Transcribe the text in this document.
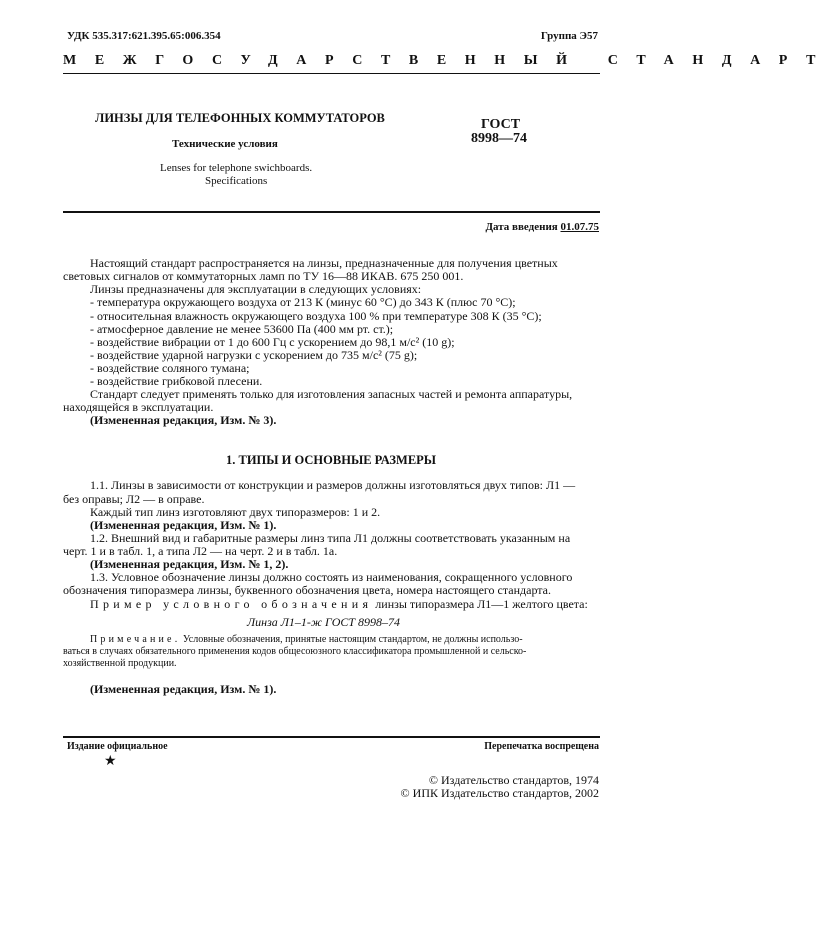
УДК 535.317:621.395.65:006.354	Группа Э57
МЕЖГОСУДАРСТВЕННЫЙ СТАНДАРТ
ЛИНЗЫ ДЛЯ ТЕЛЕФОННЫХ КОММУТАТОРОВ
Технические условия
Lenses for telephone swichboards.
Specifications
ГОСТ
8998—74
Дата введения 01.07.75
Настоящий стандарт распространяется на линзы, предназначенные для получения цветных
световых сигналов от коммутаторных ламп по ТУ 16—88 ИКАВ. 675 250 001.
Линзы предназначены для эксплуатации в следующих условиях:
- температура окружающего воздуха от 213 К (минус 60 °С) до 343 К (плюс 70 °С);
- относительная влажность окружающего воздуха 100 % при температуре 308 К (35 °С);
- атмосферное давление не менее 53600 Па (400 мм рт. ст.);
- воздействие вибрации от 1 до 600 Гц с ускорением до 98,1 м/с² (10 g);
- воздействие ударной нагрузки с ускорением до 735 м/с² (75 g);
- воздействие соляного тумана;
- воздействие грибковой плесени.
Стандарт следует применять только для изготовления запасных частей и ремонта аппаратуры,
находящейся в эксплуатации.
(Измененная редакция, Изм. № 3).
1. ТИПЫ И ОСНОВНЫЕ РАЗМЕРЫ
1.1. Линзы в зависимости от конструкции и размеров должны изготовляться двух типов: Л1 —
без оправы; Л2 — в оправе.
Каждый тип линз изготовляют двух типоразмеров: 1 и 2.
(Измененная редакция, Изм. № 1).
1.2. Внешний вид и габаритные размеры линз типа Л1 должны соответствовать указанным на
черт. 1 и в табл. 1, а типа Л2 — на черт. 2 и в табл. 1а.
(Измененная редакция, Изм. № 1, 2).
1.3. Условное обозначение линзы должно состоять из наименования, сокращенного условного
обозначения типоразмера линзы, буквенного обозначения цвета, номера настоящего стандарта.
Пример условного обозначения линзы типоразмера Л1—1 желтого цвета:
Линза Л1–1-ж ГОСТ 8998–74
Примечание. Условные обозначения, принятые настоящим стандартом, не должны использо-
ваться в случаях обязательного применения кодов общесоюзного классификатора промышленной и сельско-
хозяйственной продукции.
(Измененная редакция, Изм. № 1).
Издание официальное
★
Перепечатка воспрещена
© Издательство стандартов, 1974
© ИПК Издательство стандартов, 2002
